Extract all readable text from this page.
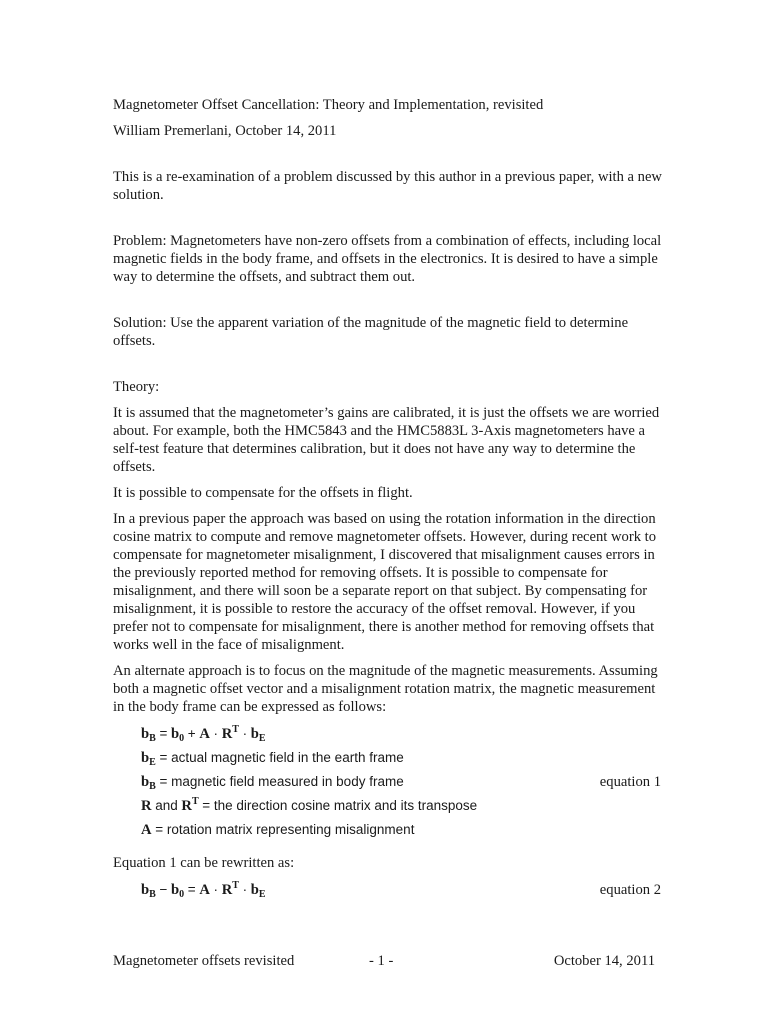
Magnetometer Offset Cancellation: Theory and Implementation, revisited

William Premerlani, October 14, 2011

This is a re-examination of a problem discussed by this author in a previous paper, with a new solution.

Problem: Magnetometers have non-zero offsets from a combination of effects, including local magnetic fields in the body frame, and offsets in the electronics. It is desired to have a simple way to determine the offsets, and subtract them out.

Solution: Use the apparent variation of the magnitude of the magnetic field to determine offsets.

Theory:

It is assumed that the magnetometer’s gains are calibrated, it is just the offsets we are worried about. For example, both the HMC5843 and the HMC5883L 3-Axis magnetometers have a self-test feature that determines calibration, but it does not have any way to determine the offsets.

It is possible to compensate for the offsets in flight.

In a previous paper the approach was based on using the rotation information in the direction cosine matrix to compute and remove magnetometer offsets. However, during recent work to compensate for magnetometer misalignment, I discovered that misalignment causes errors in the previously reported method for removing offsets. It is possible to compensate for misalignment, and there will soon be a separate report on that subject. By compensating for misalignment, it is possible to restore the accuracy of the offset removal. However, if you prefer not to compensate for misalignment, there is another method for removing offsets that works well in the face of misalignment.

An alternate approach is to focus on the magnitude of the magnetic measurements. Assuming both a magnetic offset vector and a misalignment rotation matrix, the magnetic measurement in the body frame can be expressed as follows:

$b_B = b_0 + A \cdot R^T \cdot b_E$
$b_E$ = actual magnetic field in the earth frame
$b_B$ = magnetic field measured in body frame	equation 1
R and $R^T$ = the direction cosine matrix and its transpose
A = rotation matrix representing misalignment

Equation 1 can be rewritten as:

$b_B - b_0 = A \cdot R^T \cdot b_E$	equation 2
Magnetometer offsets revisited	- 1 -	October 14, 2011
